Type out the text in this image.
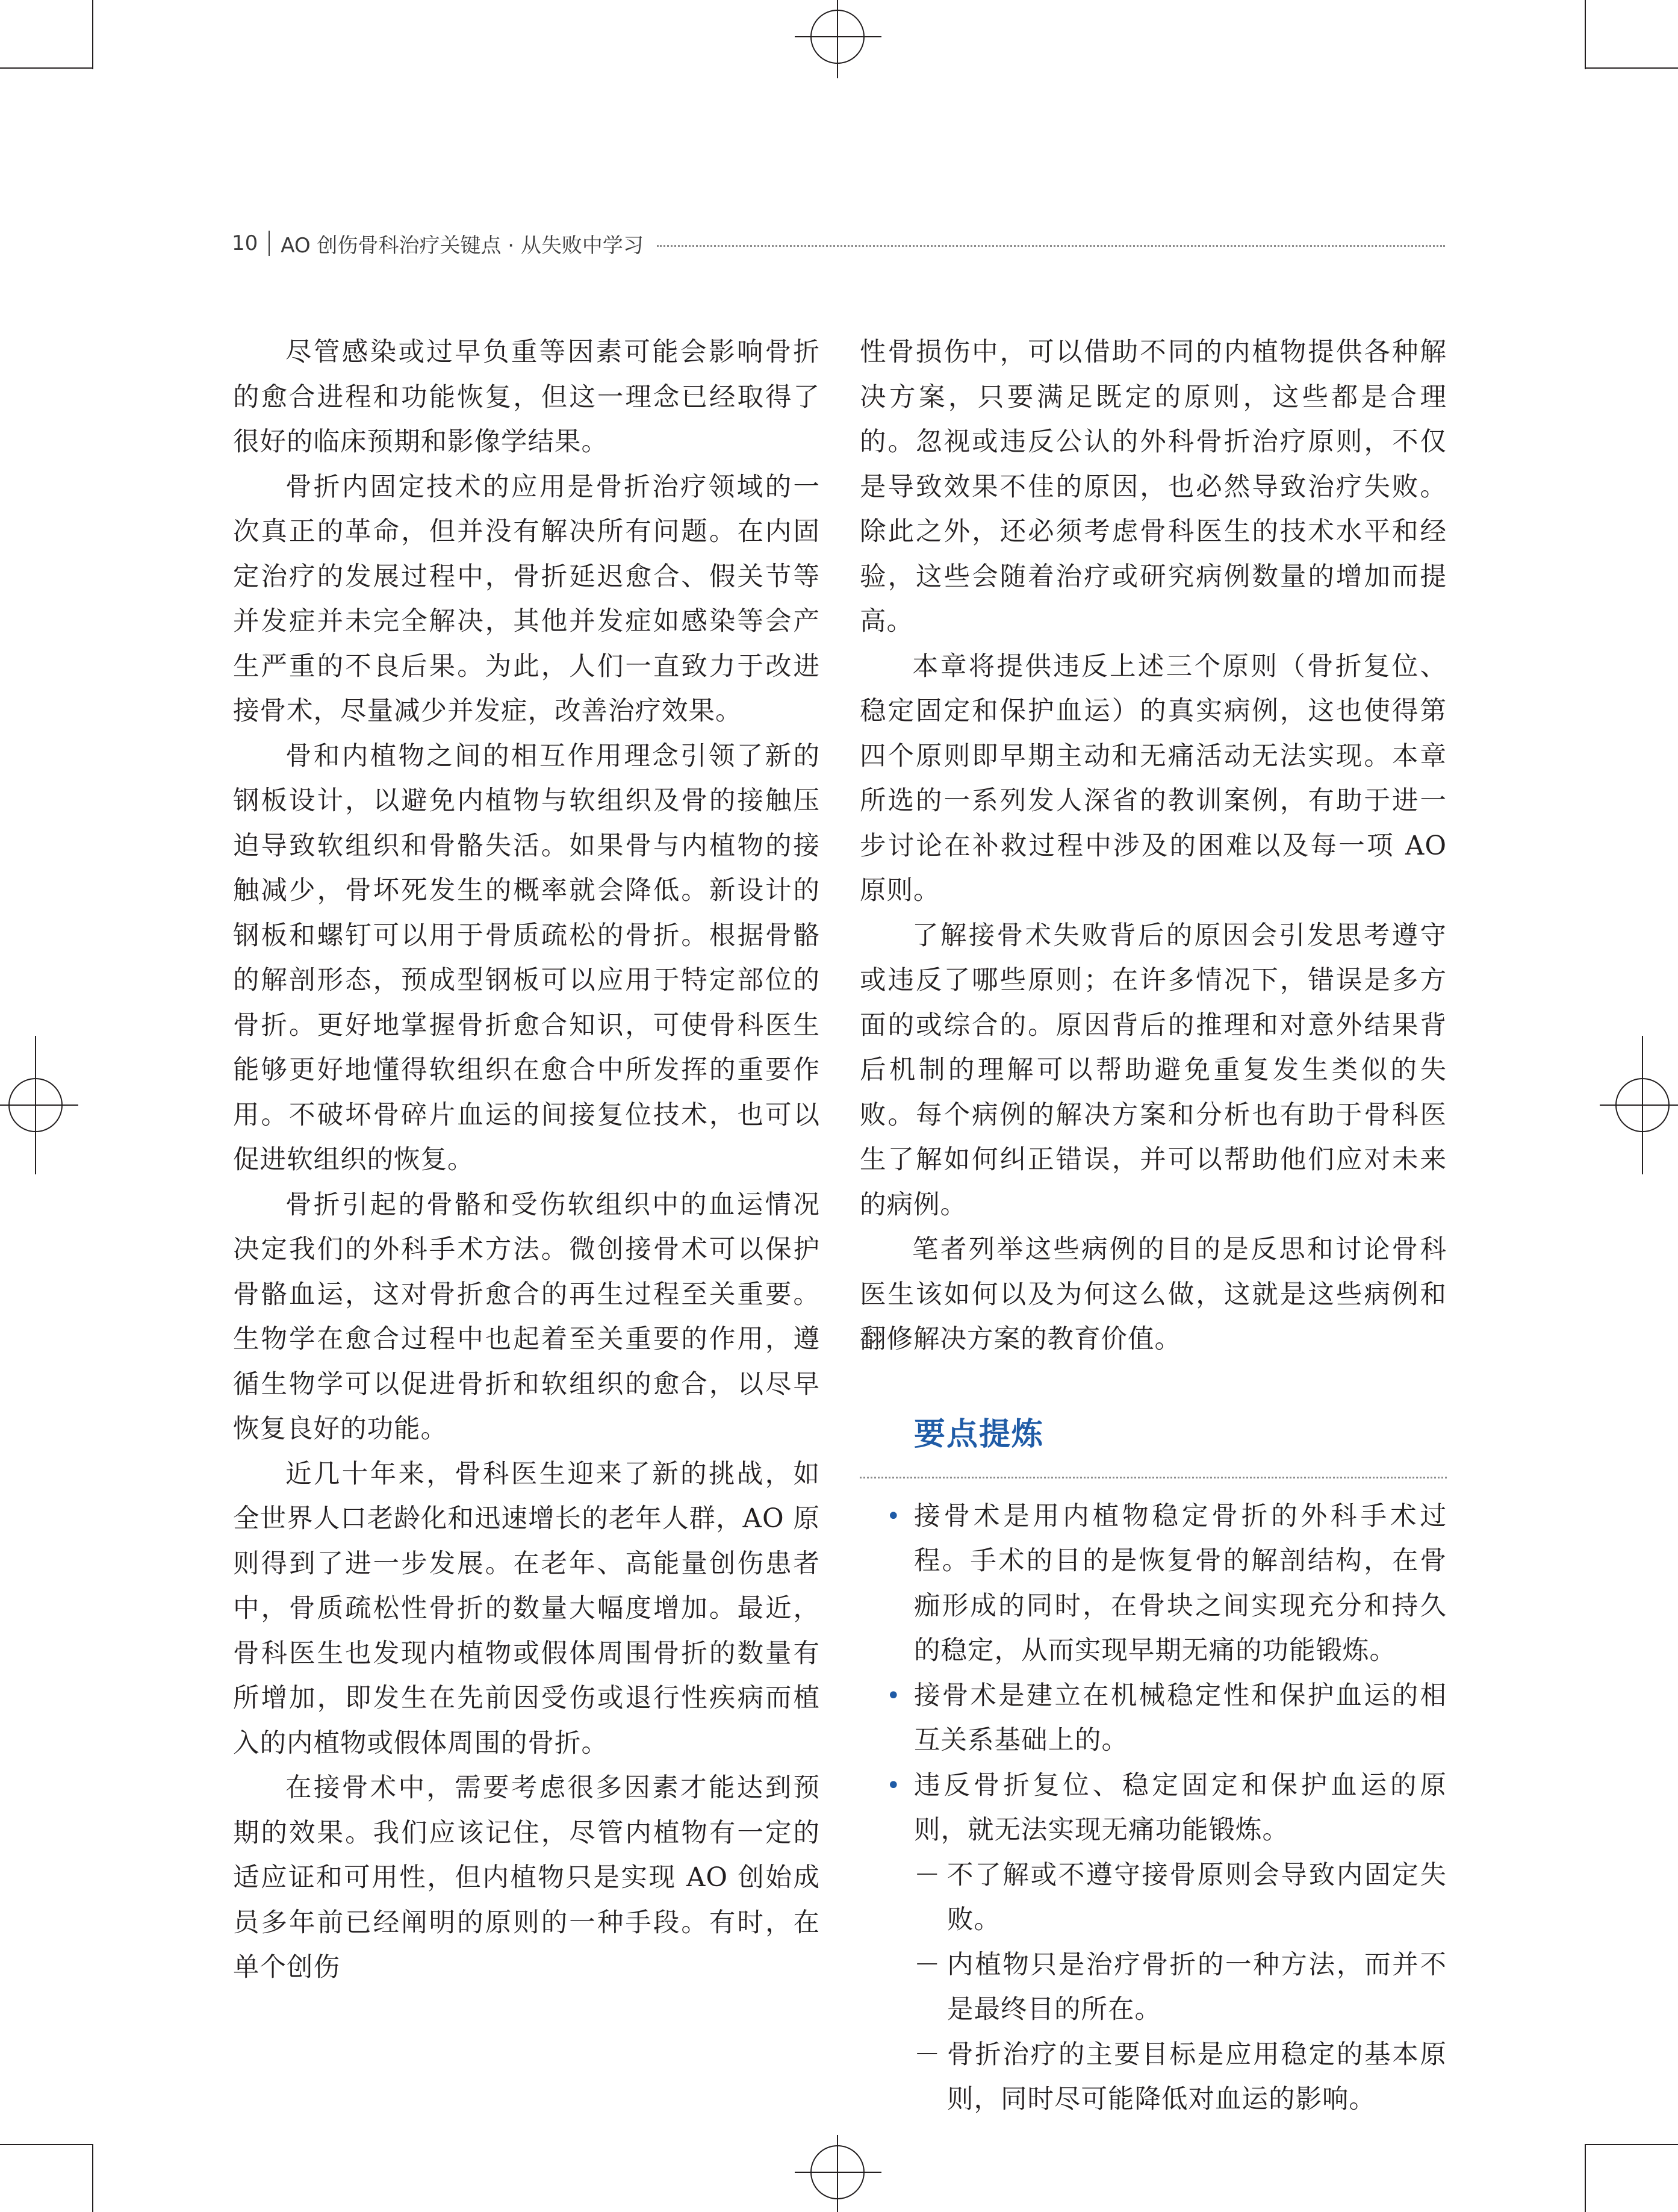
10	AO 创伤骨科治疗关键点 · 从失败中学习

尽管感染或过早负重等因素可能会影响骨折的愈合进程和功能恢复，但这一理念已经取得了很好的临床预期和影像学结果。

骨折内固定技术的应用是骨折治疗领域的一次真正的革命，但并没有解决所有问题。在内固定治疗的发展过程中，骨折延迟愈合、假关节等并发症并未完全解决，其他并发症如感染等会产生严重的不良后果。为此，人们一直致力于改进接骨术，尽量减少并发症，改善治疗效果。

骨和内植物之间的相互作用理念引领了新的钢板设计，以避免内植物与软组织及骨的接触压迫导致软组织和骨骼失活。如果骨与内植物的接触减少，骨坏死发生的概率就会降低。新设计的钢板和螺钉可以用于骨质疏松的骨折。根据骨骼的解剖形态，预成型钢板可以应用于特定部位的骨折。更好地掌握骨折愈合知识，可使骨科医生能够更好地懂得软组织在愈合中所发挥的重要作用。不破坏骨碎片血运的间接复位技术，也可以促进软组织的恢复。

骨折引起的骨骼和受伤软组织中的血运情况决定我们的外科手术方法。微创接骨术可以保护骨骼血运，这对骨折愈合的再生过程至关重要。生物学在愈合过程中也起着至关重要的作用，遵循生物学可以促进骨折和软组织的愈合，以尽早恢复良好的功能。

近几十年来，骨科医生迎来了新的挑战，如全世界人口老龄化和迅速增长的老年人群，AO 原则得到了进一步发展。在老年、高能量创伤患者中，骨质疏松性骨折的数量大幅度增加。最近，骨科医生也发现内植物或假体周围骨折的数量有所增加，即发生在先前因受伤或退行性疾病而植入的内植物或假体周围的骨折。

在接骨术中，需要考虑很多因素才能达到预期的效果。我们应该记住，尽管内植物有一定的适应证和可用性，但内植物只是实现 AO 创始成员多年前已经阐明的原则的一种手段。有时，在单个创伤

性骨损伤中，可以借助不同的内植物提供各种解决方案，只要满足既定的原则，这些都是合理的。忽视或违反公认的外科骨折治疗原则，不仅是导致效果不佳的原因，也必然导致治疗失败。除此之外，还必须考虑骨科医生的技术水平和经验，这些会随着治疗或研究病例数量的增加而提高。

本章将提供违反上述三个原则（骨折复位、稳定固定和保护血运）的真实病例，这也使得第四个原则即早期主动和无痛活动无法实现。本章所选的一系列发人深省的教训案例，有助于进一步讨论在补救过程中涉及的困难以及每一项 AO 原则。

了解接骨术失败背后的原因会引发思考遵守或违反了哪些原则；在许多情况下，错误是多方面的或综合的。原因背后的推理和对意外结果背后机制的理解可以帮助避免重复发生类似的失败。每个病例的解决方案和分析也有助于骨科医生了解如何纠正错误，并可以帮助他们应对未来的病例。

笔者列举这些病例的目的是反思和讨论骨科医生该如何以及为何这么做，这就是这些病例和翻修解决方案的教育价值。

要点提炼
• 接骨术是用内植物稳定骨折的外科手术过程。手术的目的是恢复骨的解剖结构，在骨痂形成的同时，在骨块之间实现充分和持久的稳定，从而实现早期无痛的功能锻炼。
• 接骨术是建立在机械稳定性和保护血运的相互关系基础上的。
• 违反骨折复位、稳定固定和保护血运的原则，就无法实现无痛功能锻炼。
－ 不了解或不遵守接骨原则会导致内固定失败。
－ 内植物只是治疗骨折的一种方法，而并不是最终目的所在。
－ 骨折治疗的主要目标是应用稳定的基本原则，同时尽可能降低对血运的影响。
